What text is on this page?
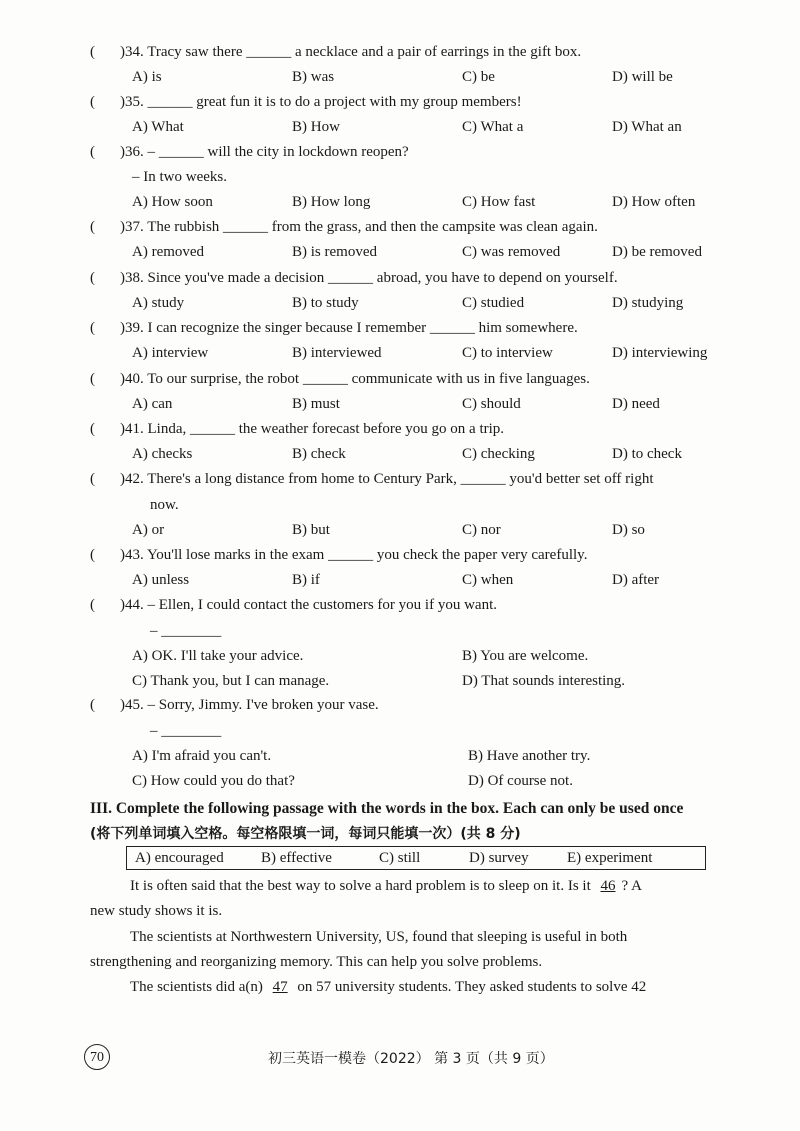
( )34. Tracy saw there ______ a necklace and a pair of earrings in the gift box.
A) is	B) was	C) be	D) will be
( )35. ______ great fun it is to do a project with my group members!
A) What	B) How	C) What a	D) What an
( )36. – ______ will the city in lockdown reopen?
– In two weeks.
A) How soon	B) How long	C) How fast	D) How often
( )37. The rubbish ______ from the grass, and then the campsite was clean again.
A) removed	B) is removed	C) was removed	D) be removed
( )38. Since you've made a decision ______ abroad, you have to depend on yourself.
A) study	B) to study	C) studied	D) studying
( )39. I can recognize the singer because I remember ______ him somewhere.
A) interview	B) interviewed	C) to interview	D) interviewing
( )40. To our surprise, the robot ______ communicate with us in five languages.
A) can	B) must	C) should	D) need
( )41. Linda, ______ the weather forecast before you go on a trip.
A) checks	B) check	C) checking	D) to check
( )42. There's a long distance from home to Century Park, ______ you'd better set off right
now.
A) or	B) but	C) nor	D) so
( )43. You'll lose marks in the exam ______ you check the paper very carefully.
A) unless	B) if	C) when	D) after
( )44. – Ellen, I could contact the customers for you if you want.
– ________
A) OK. I'll take your advice.	B) You are welcome.
C) Thank you, but I can manage.	D) That sounds interesting.
( )45. – Sorry, Jimmy. I've broken your vase.
– ________
A) I'm afraid you can't.	B) Have another try.
C) How could you do that?	D) Of course not.
III. Complete the following passage with the words in the box. Each can only be used once
(将下列单词填入空格。每空格限填一词，每词只能填一次）(共 8 分)
A) encouraged B) effective	C) still	D) survey	E) experiment
It is often said that the best way to solve a hard problem is to sleep on it. Is it 46 ? A
new study shows it is.
The scientists at Northwestern University, US, found that sleeping is useful in both
strengthening and reorganizing memory. This can help you solve problems.
The scientists did a(n) 47 on 57 university students. They asked students to solve 42
70	初三英语一模卷（2022） 第 3 页（共 9 页）
